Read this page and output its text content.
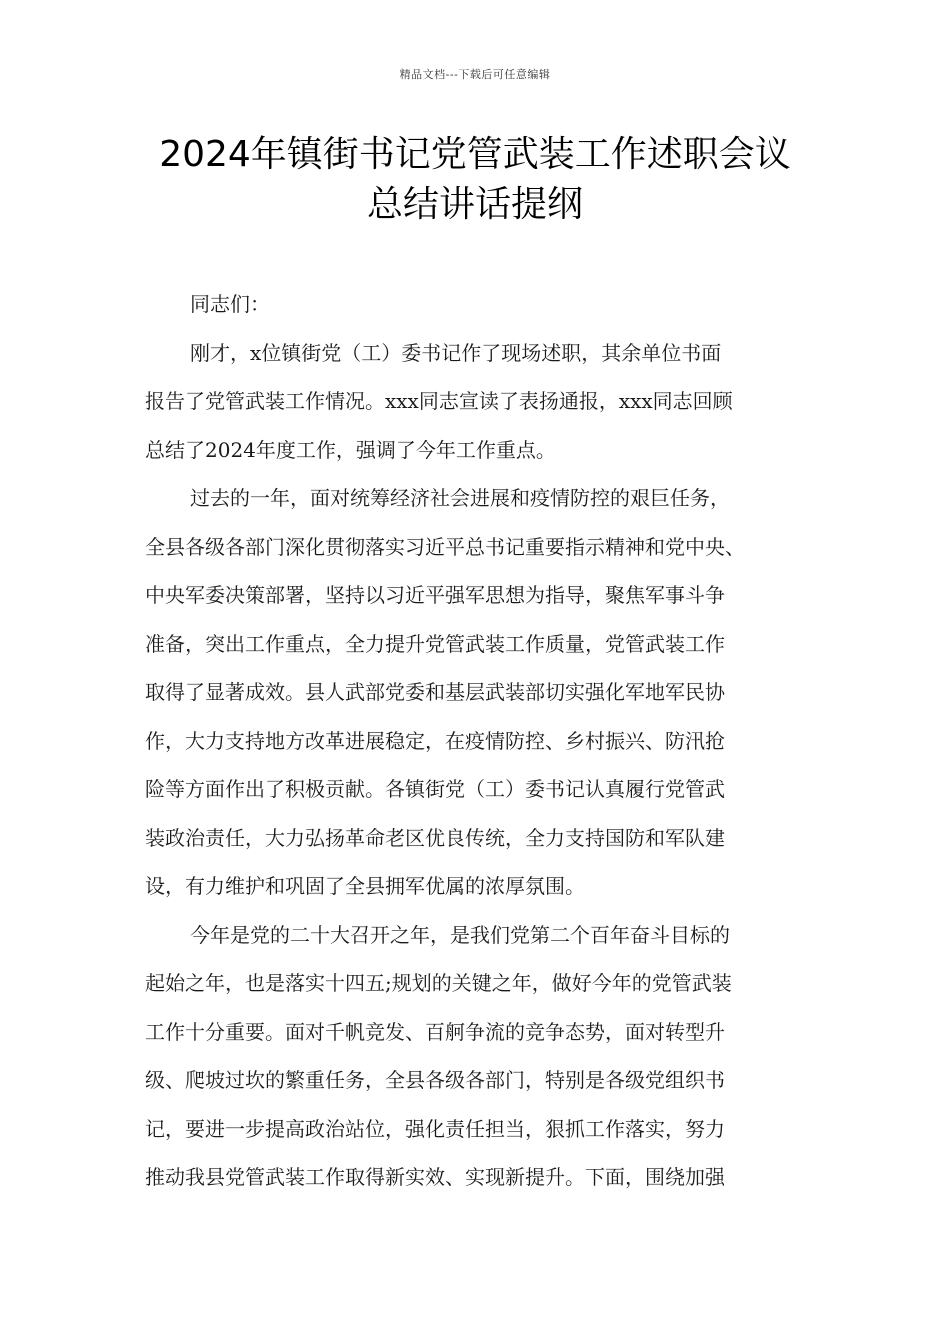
精品文档---下载后可任意编辑
2024年镇街书记党管武装工作述职会议
总结讲话提纲
同志们：
刚才，x位镇街党（工）委书记作了现场述职，其余单位书面
报告了党管武装工作情况。xxx同志宣读了表扬通报，xxx同志回顾
总结了2024年度工作，强调了今年工作重点。
过去的一年，面对统筹经济社会进展和疫情防控的艰巨任务，
全县各级各部门深化贯彻落实习近平总书记重要指示精神和党中央、
中央军委决策部署，坚持以习近平强军思想为指导，聚焦军事斗争
准备，突出工作重点，全力提升党管武装工作质量，党管武装工作
取得了显著成效。县人武部党委和基层武装部切实强化军地军民协
作，大力支持地方改革进展稳定，在疫情防控、乡村振兴、防汛抢
险等方面作出了积极贡献。各镇街党（工）委书记认真履行党管武
装政治责任，大力弘扬革命老区优良传统，全力支持国防和军队建
设，有力维护和巩固了全县拥军优属的浓厚氛围。
今年是党的二十大召开之年，是我们党第二个百年奋斗目标的
起始之年，也是落实十四五;规划的关键之年，做好今年的党管武装
工作十分重要。面对千帆竞发、百舸争流的竞争态势，面对转型升
级、爬坡过坎的繁重任务，全县各级各部门，特别是各级党组织书
记，要进一步提高政治站位，强化责任担当，狠抓工作落实，努力
推动我县党管武装工作取得新实效、实现新提升。下面，围绕加强
